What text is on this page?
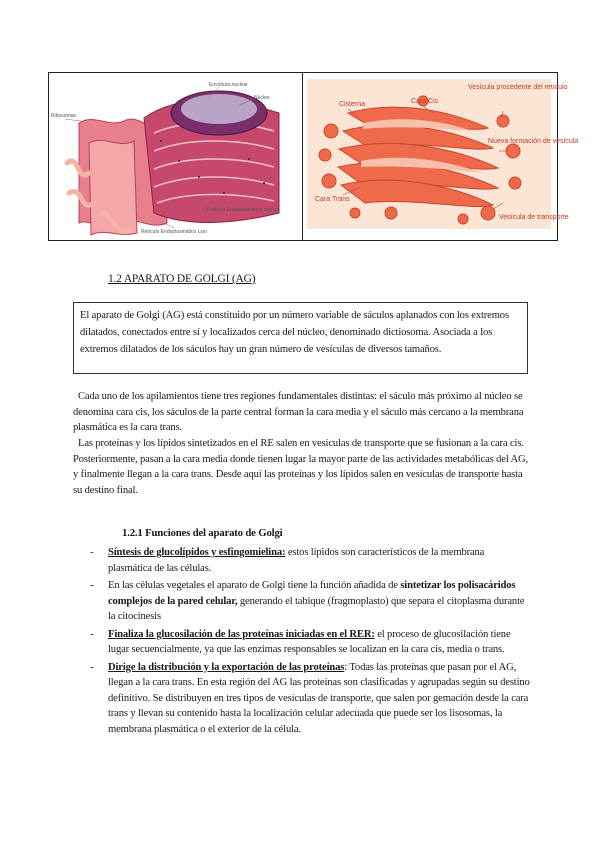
Envoltura nuclear
Núcleo
Ribosomas
Retículo Endoplasmático rugoso
Retículo Endoplasmático Liso
Cisterna	Cara Cis
Vesícula procedente del retículo
Nueva formación de vesícula
Cara Trans
Vesícula de transporte
1.2 APARATO DE GOLGI (AG)
El aparato de Golgi (AG) está constituido por un número variable de sáculos aplanados con los extremos dilatados, conectados entre sí y localizados cerca del núcleo, denominado dictiosoma. Asociada a los extremos dilatados de los sáculos hay un gran número de vesículas de diversos tamaños.
Cada uno de los apilamientos tiene tres regiones fundamentales distintas: el sáculo más próximo al núcleo se denomina cara cis, los sáculos de la parte central forman la cara media y el sáculo más cercano a la membrana plasmática es la cara trans.
Las proteínas y los lípidos sintetizados en el RE salen en vesículas de transporte que se fusionan a la cara cis. Posteriormente, pasan a la cara media donde tienen lugar la mayor parte de las actividades metabólicas del AG, y finalmente llegan a la cara trans. Desde aquí las proteínas y los lípidos salen en vesículas de transporte hasta su destino final.
1.2.1 Funciones del aparato de Golgi
- Síntesis de glucolípidos y esfingomielina: estos lípidos son característicos de la membrana plasmática de las células.
- En las células vegetales el aparato de Golgi tiene la función añadida de sintetizar los polisacáridos complejos de la pared celular, generando el tabique (fragmoplasto) que separa el citoplasma durante la citocinesis
- Finaliza la glucosilación de las proteínas iniciadas en el RER: el proceso de glucosilación tiene lugar secuencialmente, ya que las enzimas responsables se localizan en la cara cis, media o trans.
- Dirige la distribución y la exportación de las proteínas: Todas las proteínas que pasan por el AG, llegan a la cara trans. En esta región del AG las proteínas son clasificadas y agrupadas según su destino definitivo. Se distribuyen en tres tipos de vesículas de transporte, que salen por gemación desde la cara trans y llevan su contenido hasta la localización celular adecuada que puede ser los lisosomas, la membrana plasmática o el exterior de la célula.
